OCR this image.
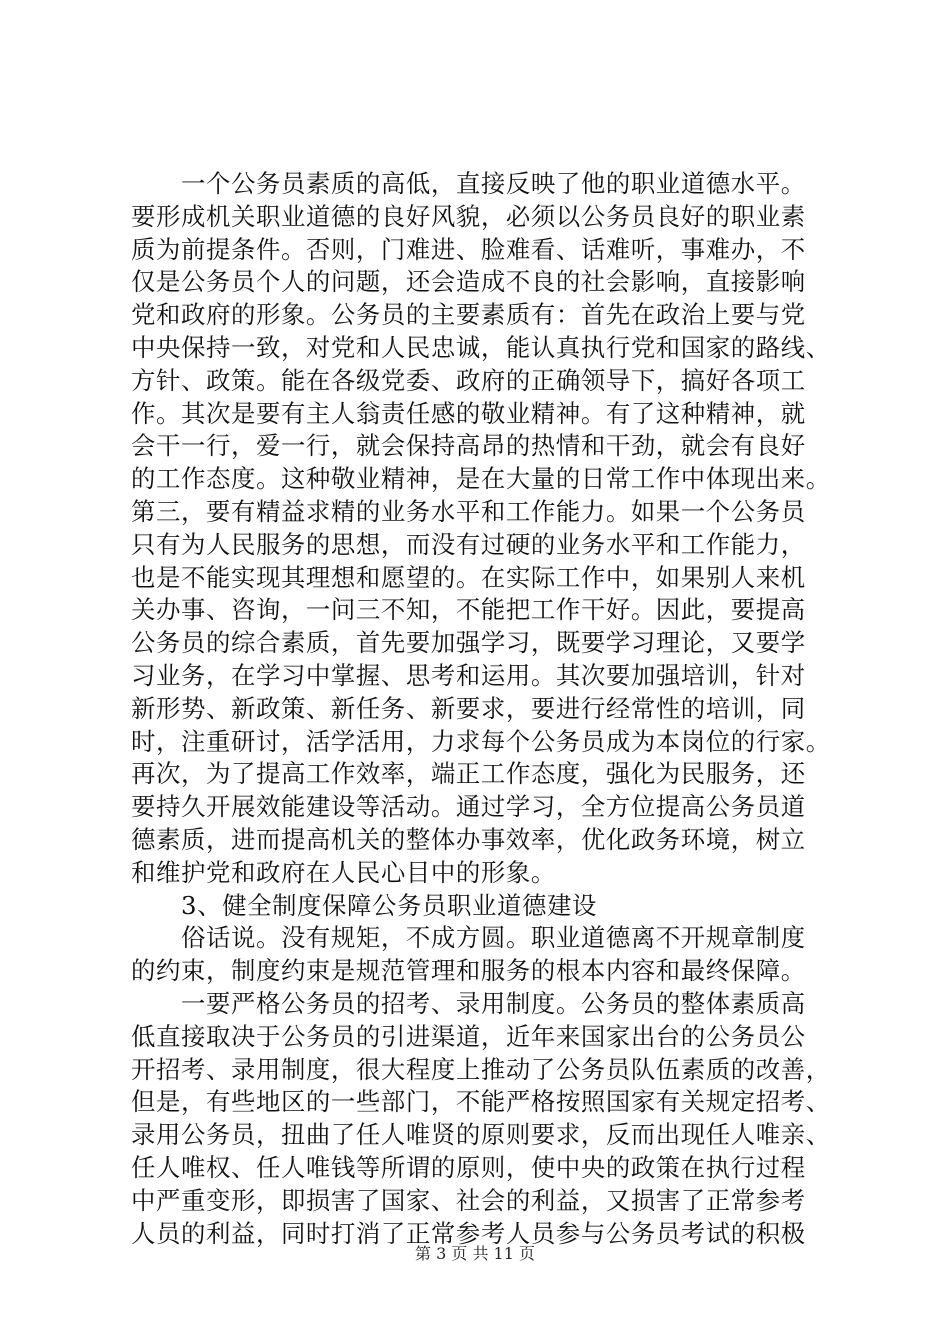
　　一个公务员素质的高低，直接反映了他的职业道德水平。
要形成机关职业道德的良好风貌，必须以公务员良好的职业素
质为前提条件。否则，门难进、脸难看、话难听，事难办，不
仅是公务员个人的问题，还会造成不良的社会影响，直接影响
党和政府的形象。公务员的主要素质有：首先在政治上要与党
中央保持一致，对党和人民忠诚，能认真执行党和国家的路线、
方针、政策。能在各级党委、政府的正确领导下，搞好各项工
作。其次是要有主人翁责任感的敬业精神。有了这种精神，就
会干一行，爱一行，就会保持高昂的热情和干劲，就会有良好
的工作态度。这种敬业精神，是在大量的日常工作中体现出来。
第三，要有精益求精的业务水平和工作能力。如果一个公务员
只有为人民服务的思想，而没有过硬的业务水平和工作能力，
也是不能实现其理想和愿望的。在实际工作中，如果别人来机
关办事、咨询，一问三不知，不能把工作干好。因此，要提高
公务员的综合素质，首先要加强学习，既要学习理论，又要学
习业务，在学习中掌握、思考和运用。其次要加强培训，针对
新形势、新政策、新任务、新要求，要进行经常性的培训，同
时，注重研讨，活学活用，力求每个公务员成为本岗位的行家。
再次，为了提高工作效率，端正工作态度，强化为民服务，还
要持久开展效能建设等活动。通过学习，全方位提高公务员道
德素质，进而提高机关的整体办事效率，优化政务环境，树立
和维护党和政府在人民心目中的形象。
　　3、健全制度保障公务员职业道德建设
　　俗话说。没有规矩，不成方圆。职业道德离不开规章制度
的约束，制度约束是规范管理和服务的根本内容和最终保障。
　　一要严格公务员的招考、录用制度。公务员的整体素质高
低直接取决于公务员的引进渠道，近年来国家出台的公务员公
开招考、录用制度，很大程度上推动了公务员队伍素质的改善，
但是，有些地区的一些部门，不能严格按照国家有关规定招考、
录用公务员，扭曲了任人唯贤的原则要求，反而出现任人唯亲、
任人唯权、任人唯钱等所谓的原则，使中央的政策在执行过程
中严重变形，即损害了国家、社会的利益，又损害了正常参考
人员的利益，同时打消了正常参考人员参与公务员考试的积极
第 3 页 共 11 页
